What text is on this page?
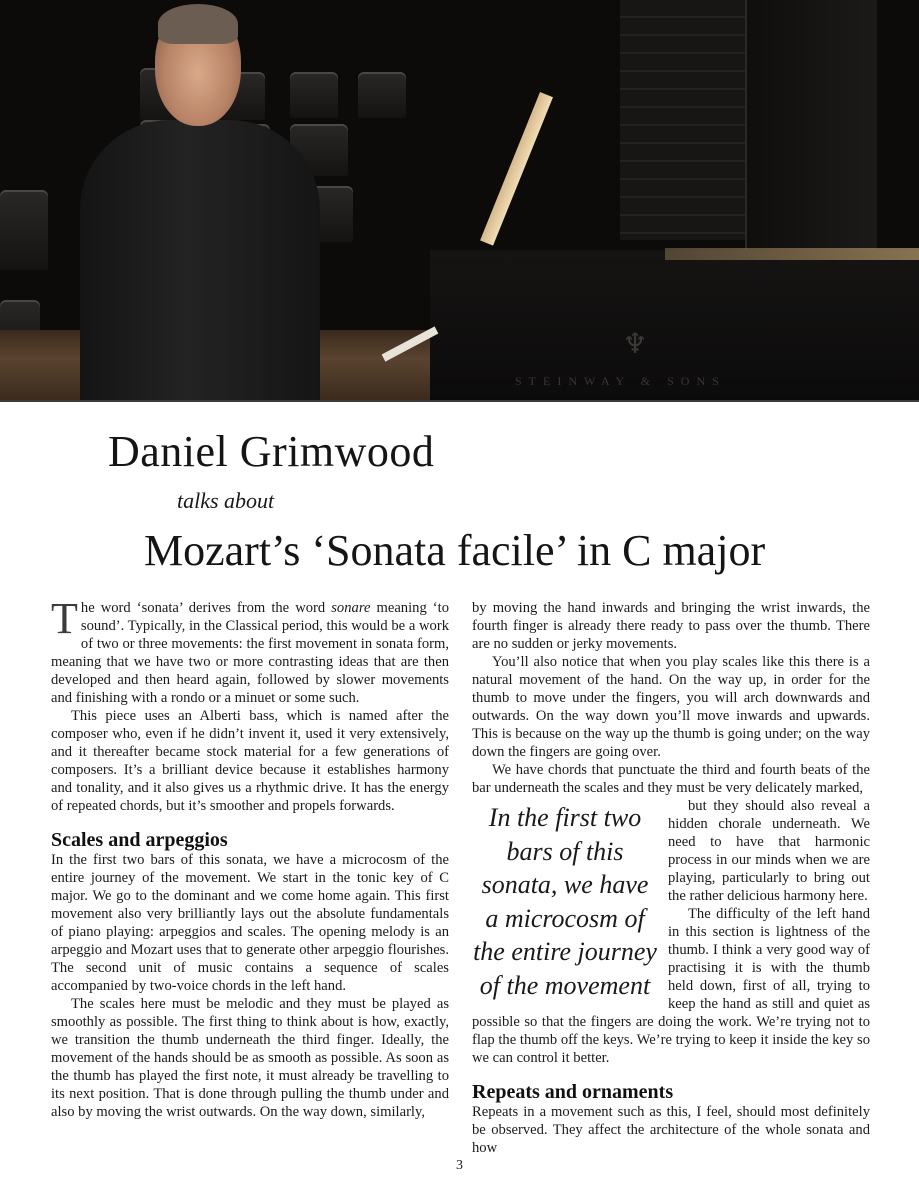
♆
STEINWAY & SONS
Daniel Grimwood
talks about
Mozart’s ‘Sonata facile’ in C major

The word ‘sonata’ derives from the word sonare meaning ‘to sound’. Typically, in the Classical period, this would be a work of two or three movements: the first movement in sonata form, meaning that we have two or more contrasting ideas that are then developed and then heard again, followed by slower movements and finishing with a rondo or a minuet or some such.

This piece uses an Alberti bass, which is named after the composer who, even if he didn’t invent it, used it very extensively, and it thereafter became stock material for a few generations of composers. It’s a brilliant device because it establishes harmony and tonality, and it also gives us a rhythmic drive. It has the energy of repeated chords, but it’s smoother and propels forwards.

Scales and arpeggios

In the first two bars of this sonata, we have a microcosm of the entire journey of the movement. We start in the tonic key of C major. We go to the dominant and we come home again. This first movement also very brilliantly lays out the absolute fundamentals of piano playing: arpeggios and scales. The opening melody is an arpeggio and Mozart uses that to generate other arpeggio flourishes. The second unit of music contains a sequence of scales accompanied by two-voice chords in the left hand.

The scales here must be melodic and they must be played as smoothly as possible. The first thing to think about is how, exactly, we transition the thumb underneath the third finger. Ideally, the movement of the hands should be as smooth as possible. As soon as the thumb has played the first note, it must already be travelling to its next position. That is done through pulling the thumb under and also by moving the wrist outwards. On the way down, similarly,

by moving the hand inwards and bringing the wrist inwards, the fourth finger is already there ready to pass over the thumb. There are no sudden or jerky movements.

You’ll also notice that when you play scales like this there is a natural movement of the hand. On the way up, in order for the thumb to move under the fingers, you will arch downwards and outwards. On the way down you’ll move inwards and upwards. This is because on the way up the thumb is going under; on the way down the fingers are going over.

We have chords that punctuate the third and fourth beats of the bar underneath the scales and they must be very delicately marked,

In the first two bars of this sonata, we have a microcosm of the entire journey of the movement

but they should also reveal a hidden chorale underneath. We need to have that harmonic process in our minds when we are playing, particularly to bring out the rather delicious harmony here.

The difficulty of the left hand in this section is lightness of the thumb. I think a very good way of practising it is with the thumb held down, first of all, trying to keep the hand as still and quiet as possible so that the fingers are doing the work. We’re trying not to flap the thumb off the keys. We’re trying to keep it inside the key so we can control it better.

Repeats and ornaments

Repeats in a movement such as this, I feel, should most definitely be observed. They affect the architecture of the whole sonata and how

3
